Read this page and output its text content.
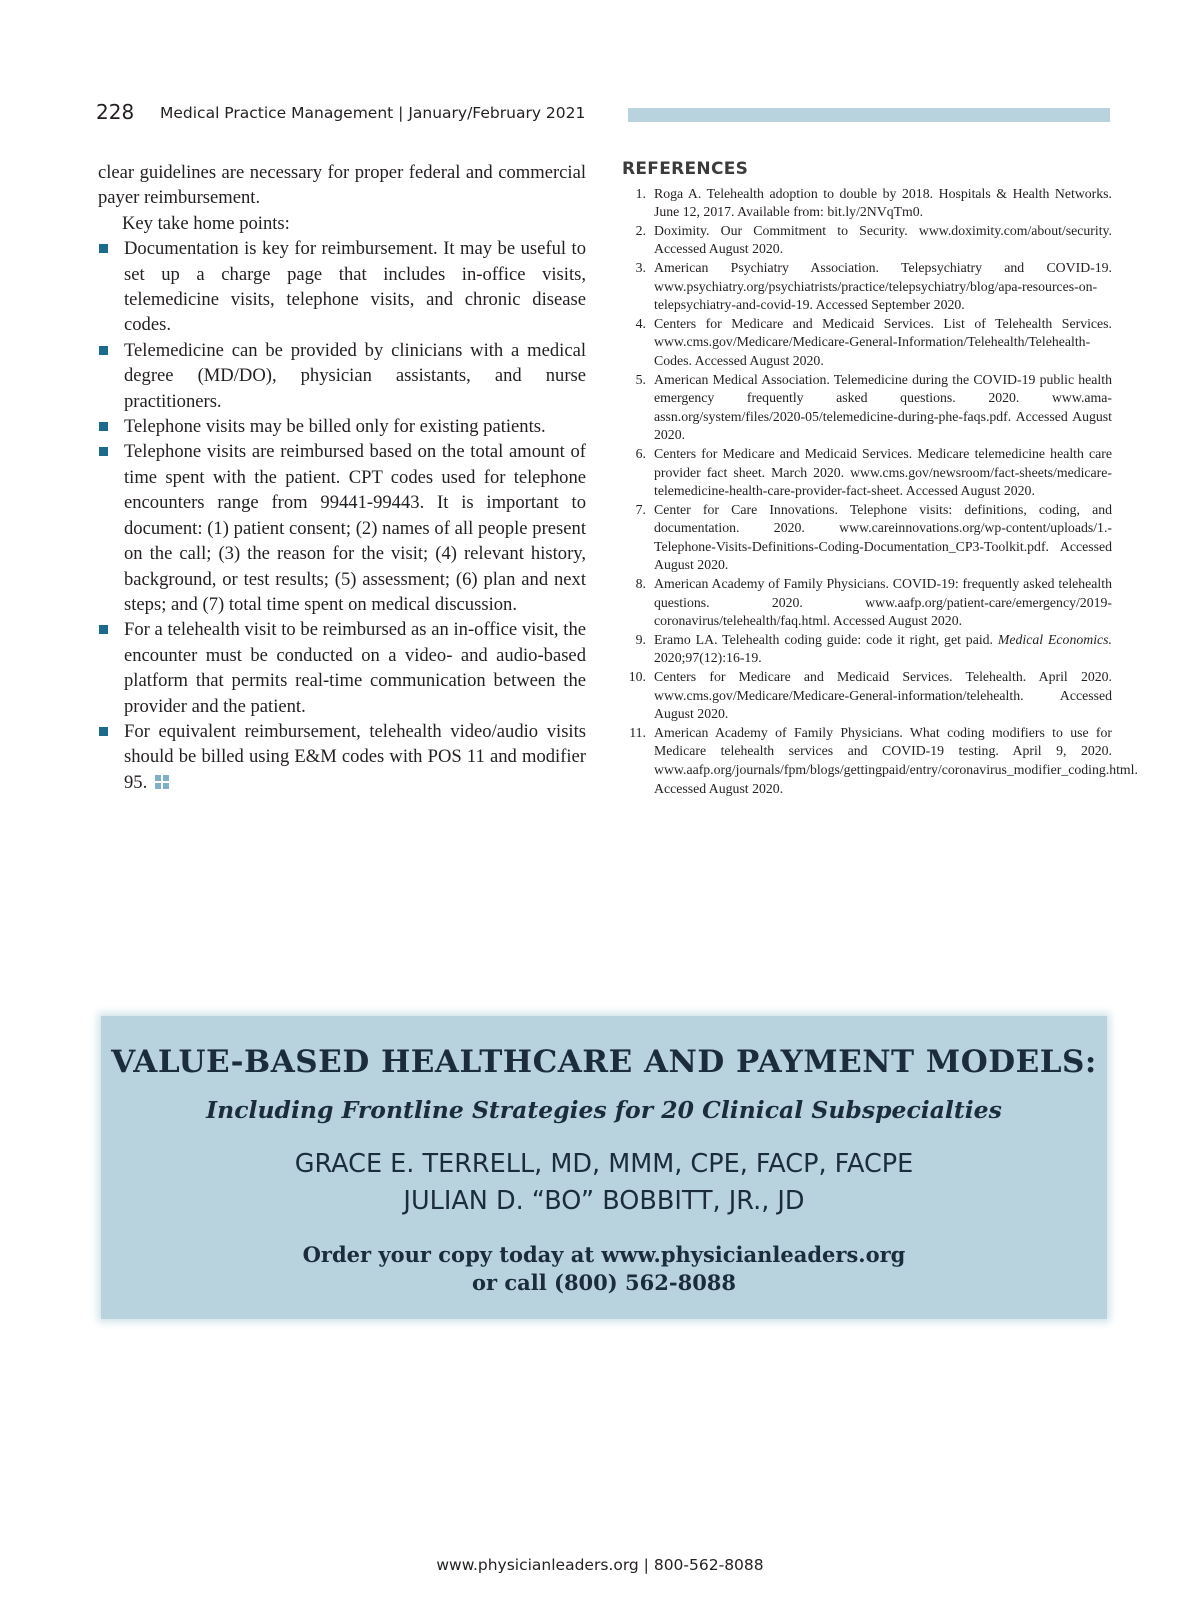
228 Medical Practice Management | January/February 2021

clear guidelines are necessary for proper federal and commercial payer reimbursement.

Key take home points:

Documentation is key for reimbursement. It may be useful to set up a charge page that includes in-office visits, telemedicine visits, telephone visits, and chronic disease codes.
Telemedicine can be provided by clinicians with a medical degree (MD/DO), physician assistants, and nurse practitioners.
Telephone visits may be billed only for existing patients.
Telephone visits are reimbursed based on the total amount of time spent with the patient. CPT codes used for telephone encounters range from 99441-99443. It is important to document: (1) patient consent; (2) names of all people present on the call; (3) the reason for the visit; (4) relevant history, background, or test results; (5) assessment; (6) plan and next steps; and (7) total time spent on medical discussion.
For a telehealth visit to be reimbursed as an in-office visit, the encounter must be conducted on a video- and audio-based platform that permits real-time communication between the provider and the patient.
For equivalent reimbursement, telehealth video/audio visits should be billed using E&M codes with POS 11 and modifier 95.
REFERENCES
1. Roga A. Telehealth adoption to double by 2018. Hospitals & Health Networks. June 12, 2017. Available from: bit.ly/2NVqTm0.
2. Doximity. Our Commitment to Security. www.doximity.com/about/security. Accessed August 2020.
3. American Psychiatry Association. Telepsychiatry and COVID-19. www.psychiatry.org/psychiatrists/practice/telepsychiatry/blog/apa-resources-on-telepsychiatry-and-covid-19. Accessed September 2020.
4. Centers for Medicare and Medicaid Services. List of Telehealth Services. www.cms.gov/Medicare/Medicare-General-Information/Telehealth/Telehealth-Codes. Accessed August 2020.
5. American Medical Association. Telemedicine during the COVID-19 public health emergency frequently asked questions. 2020. www.ama-assn.org/system/files/2020-05/telemedicine-during-phe-faqs.pdf. Accessed August 2020.
6. Centers for Medicare and Medicaid Services. Medicare telemedicine health care provider fact sheet. March 2020. www.cms.gov/newsroom/fact-sheets/medicare-telemedicine-health-care-provider-fact-sheet. Accessed August 2020.
7. Center for Care Innovations. Telephone visits: definitions, coding, and documentation. 2020. www.careinnovations.org/wp-content/uploads/1.-Telephone-Visits-Definitions-Coding-Documentation_CP3-Toolkit.pdf. Accessed August 2020.
8. American Academy of Family Physicians. COVID-19: frequently asked telehealth questions. 2020. www.aafp.org/patient-care/emergency/2019-coronavirus/telehealth/faq.html. Accessed August 2020.
9. Eramo LA. Telehealth coding guide: code it right, get paid. Medical Economics. 2020;97(12):16-19.
10. Centers for Medicare and Medicaid Services. Telehealth. April 2020. www.cms.gov/Medicare/Medicare-General-information/telehealth. Accessed August 2020.
11. American Academy of Family Physicians. What coding modifiers to use for Medicare telehealth services and COVID-19 testing. April 9, 2020. www.aafp.org/journals/fpm/blogs/gettingpaid/entry/coronavirus_modifier_coding.html. Accessed August 2020.
VALUE-BASED HEALTHCARE AND PAYMENT MODELS:
Including Frontline Strategies for 20 Clinical Subspecialties
GRACE E. TERRELL, MD, MMM, CPE, FACP, FACPE
JULIAN D. “BO” BOBBITT, JR., JD
Order your copy today at www.physicianleaders.org
or call (800) 562-8088
www.physicianleaders.org | 800-562-8088
